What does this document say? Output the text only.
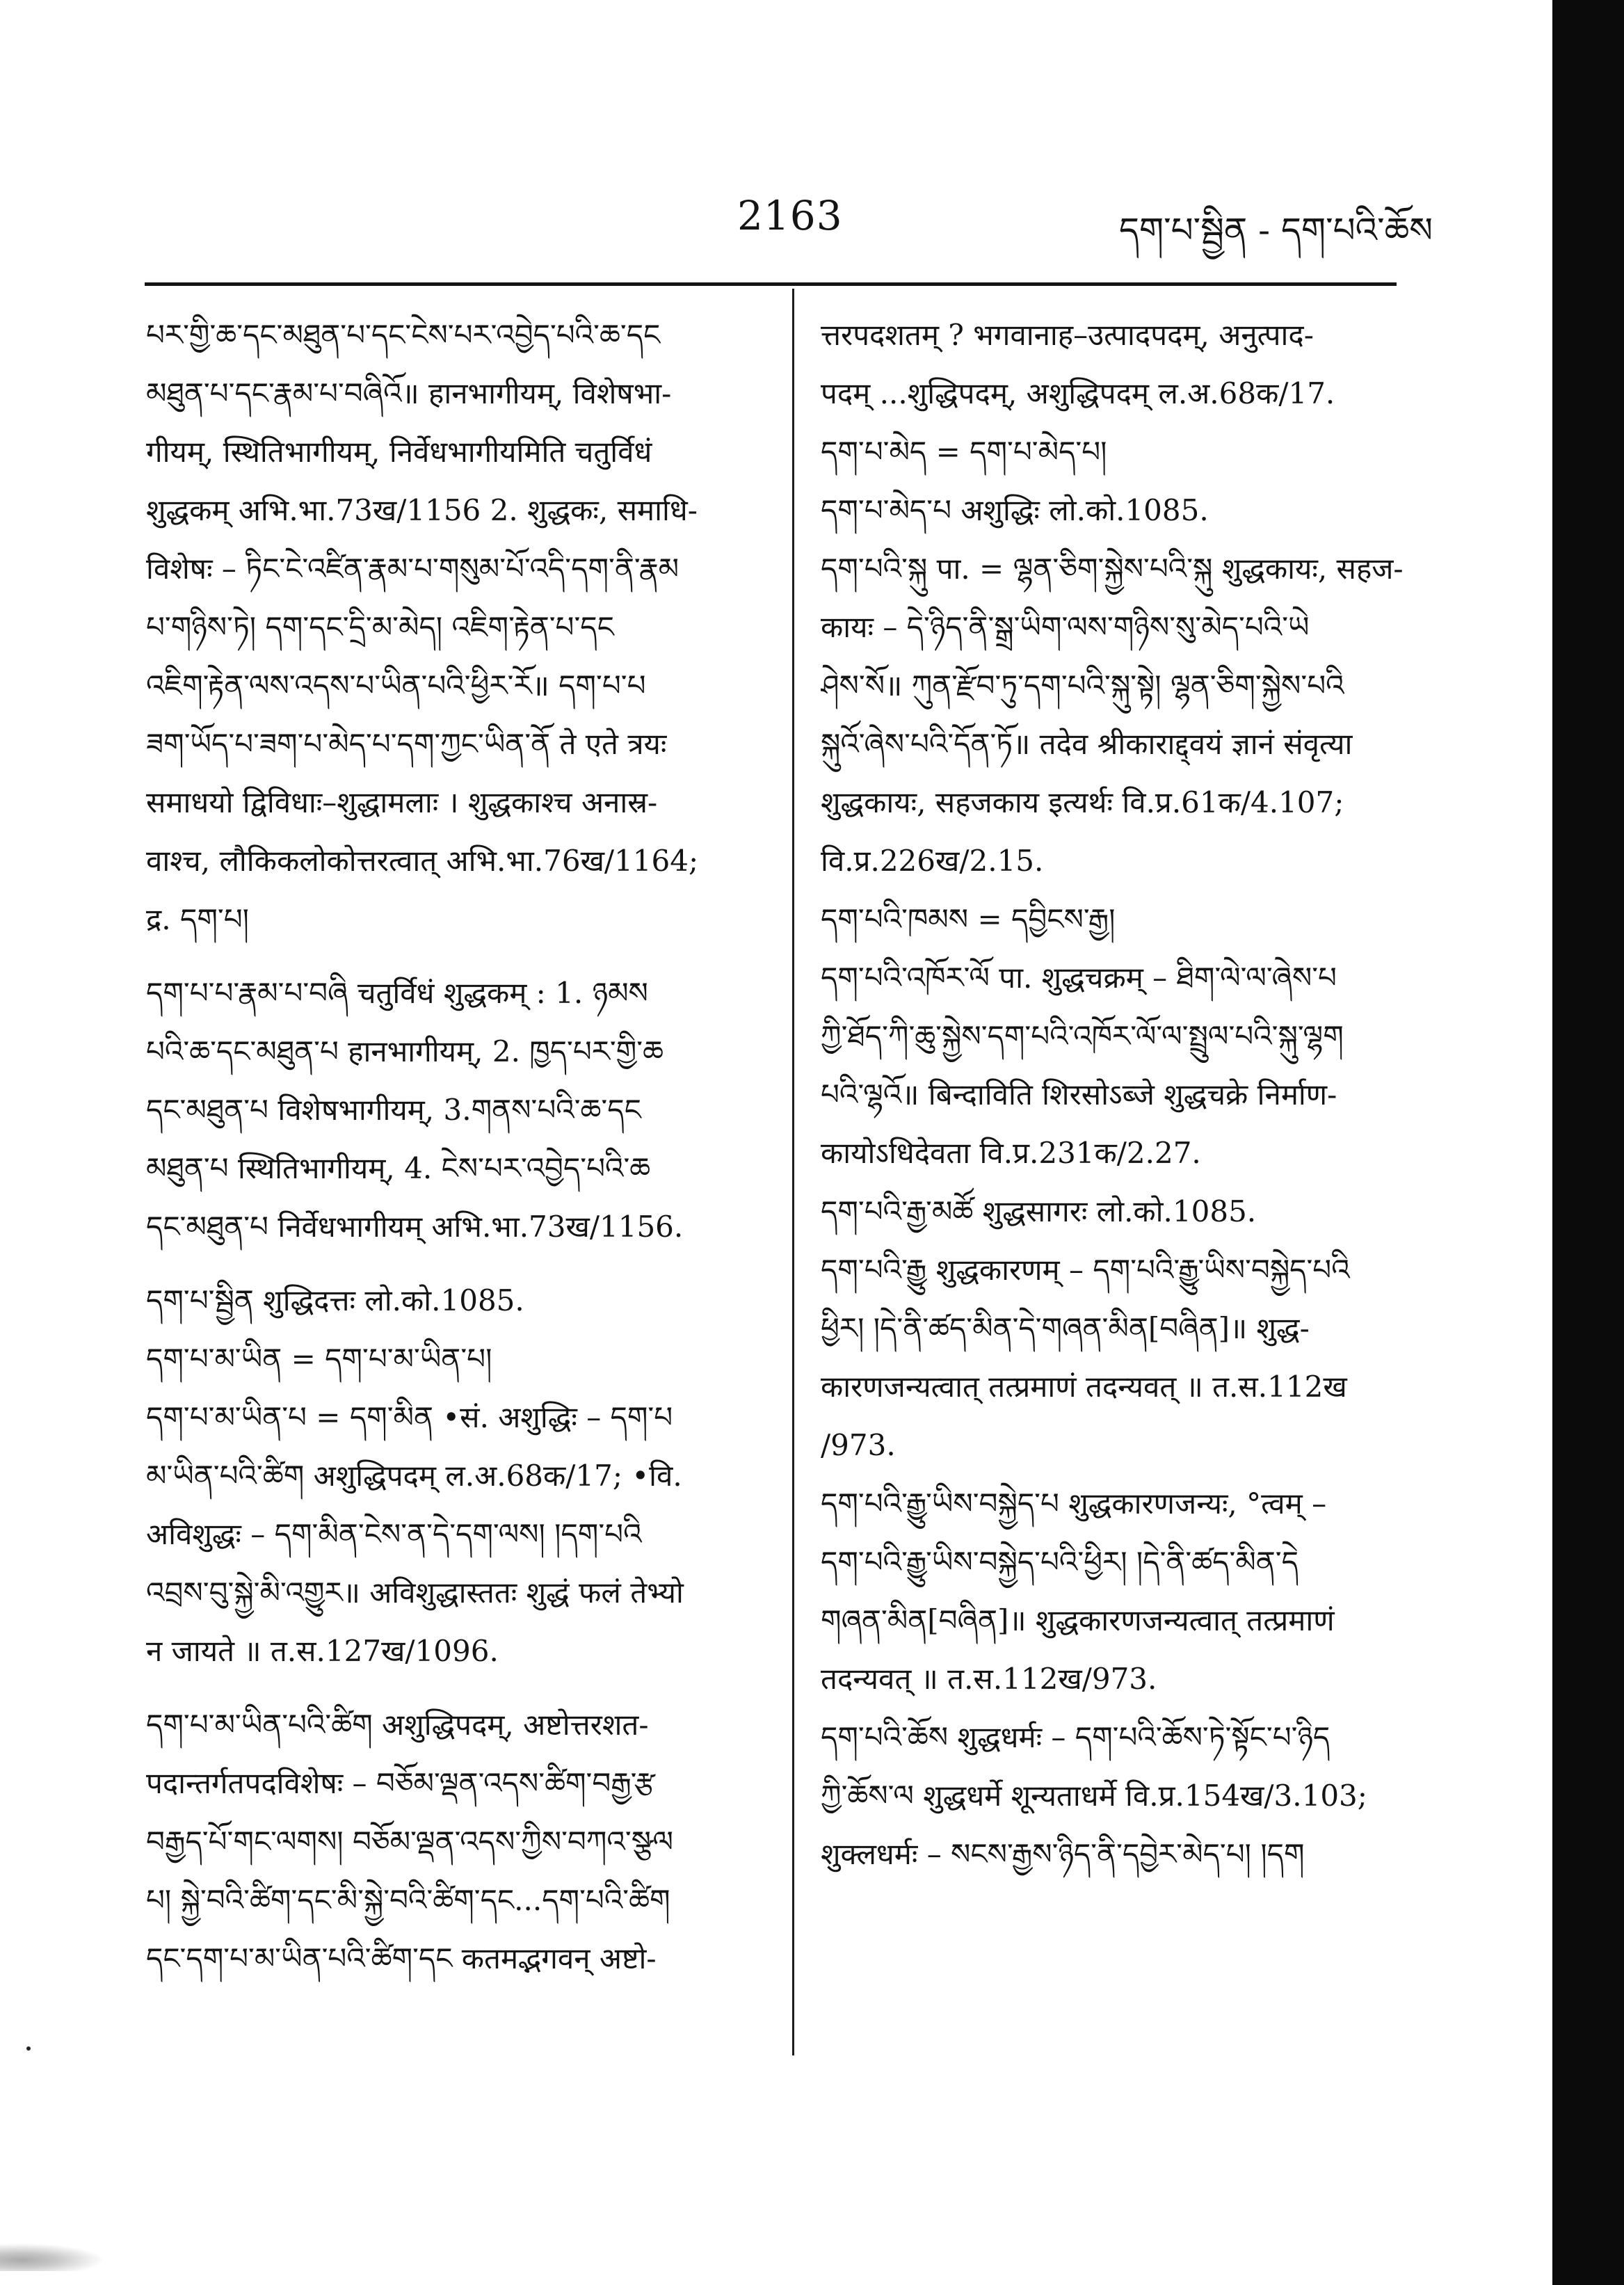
2163	དག་པ་སྦྱིན - དག་པའི་ཆོས
པར་གྱི་ཆ་དང་མཐུན་པ་དང་ངེས་པར་འབྱེད་པའི་ཆ་དང
མཐུན་པ་དང་རྣམ་པ་བཞིའོ॥ हानभागीयम्, विशेषभा-
गीयम्, स्थितिभागीयम्, निर्वेधभागीयमिति चतुर्विधं
शुद्धकम् अभि.भा.73ख/1156 2. शुद्धकः, समाधि-
विशेषः – ཏིང་ངེ་འཛིན་རྣམ་པ་གསུམ་པོ་འདི་དག་ནི་རྣམ
པ་གཉིས་ཏེ། དག་དང་དྲི་མ་མེད། འཇིག་རྟེན་པ་དང
འཇིག་རྟེན་ལས་འདས་པ་ཡིན་པའི་ཕྱིར་རོ॥ དག་པ་པ
ཟག་ཡོད་པ་ཟག་པ་མེད་པ་དག་ཀྱང་ཡིན་ནོ ते एते त्रयः
समाधयो द्विविधाः–शुद्धामलाः । शुद्धकाश्च अनास्र-
वाश्च, लौकिकलोकोत्तरत्वात् अभि.भा.76ख/1164;
द्र. དག་པ།
དག་པ་པ་རྣམ་པ་བཞི चतुर्विधं शुद्धकम् : 1. ཉམས
པའི་ཆ་དང་མཐུན་པ हानभागीयम्, 2. ཁྱད་པར་གྱི་ཆ
དང་མཐུན་པ विशेषभागीयम्, 3.གནས་པའི་ཆ་དང
མཐུན་པ स्थितिभागीयम्, 4. ངེས་པར་འབྱེད་པའི་ཆ
དང་མཐུན་པ निर्वेधभागीयम् अभि.भा.73ख/1156.
དག་པ་སྦྱིན शुद्धिदत्तः लो.को.1085.
དག་པ་མ་ཡིན = དག་པ་མ་ཡིན་པ།
དག་པ་མ་ཡིན་པ = དག་མིན •सं. अशुद्धिः – དག་པ
མ་ཡིན་པའི་ཚིག अशुद्धिपदम् ल.अ.68क/17; •वि.
अविशुद्धः – དག་མིན་ངེས་ན་དེ་དག་ལས། །དག་པའི
འབྲས་བུ་སྐྱེ་མི་འགྱུར॥ अविशुद्धास्ततः शुद्धं फलं तेभ्यो
न जायते ॥ त.स.127ख/1096.
དག་པ་མ་ཡིན་པའི་ཚིག अशुद्धिपदम्, अष्टोत्तरशत-
पदान्तर्गतपदविशेषः – བཅོམ་ལྡན་འདས་ཚིག་བརྒྱ་རྩ
བརྒྱད་པོ་གང་ལགས། བཅོམ་ལྡན་འདས་ཀྱིས་བཀའ་སྩལ
པ། སྐྱེ་བའི་ཚིག་དང་མི་སྐྱེ་བའི་ཚིག་དང...དག་པའི་ཚིག
དང་དག་པ་མ་ཡིན་པའི་ཚིག་དང कतमद्भगवन् अष्टो-
त्तरपदशतम् ? भगवानाह–उत्पादपदम्, अनुत्पाद-
पदम् ...शुद्धिपदम्, अशुद्धिपदम् ल.अ.68क/17.
དག་པ་མེད = དག་པ་མེད་པ།
དག་པ་མེད་པ अशुद्धिः लो.को.1085.
དག་པའི་སྐུ पा. = ལྷན་ཅིག་སྐྱེས་པའི་སྐུ शुद्धकायः, सहज-
कायः – དེ་ཉིད་ནི་སྒྲ་ཡིག་ལས་གཉིས་སུ་མེད་པའི་ཡེ
ཤེས་སོ॥ ཀུན་རྫོབ་ཏུ་དག་པའི་སྐུ་སྟེ། ལྷན་ཅིག་སྐྱེས་པའི
སྐུའོ་ཞེས་པའི་དོན་ཏོ॥ तदेव श्रीकाराद्द्वयं ज्ञानं संवृत्या
शुद्धकायः, सहजकाय इत्यर्थः वि.प्र.61क/4.107;
वि.प्र.226ख/2.15.
དག་པའི་ཁམས = དབྱིངས་རྒྱ།
དག་པའི་འཁོར་ལོ पा. शुद्धचक्रम् – ཐིག་ལེ་ལ་ཞེས་པ
ཀྱི་ཐོད་ཀི་ཆུ་སྐྱེས་དག་པའི་འཁོར་ལོ་ལ་སྤྲུལ་པའི་སྐུ་ལྷག
པའི་ལྷའོ॥ बिन्दाविति शिरसोऽब्जे शुद्धचक्रे निर्माण-
कायोऽधिदेवता वि.प्र.231क/2.27.
དག་པའི་རྒྱ་མཚོ शुद्धसागरः लो.को.1085.
དག་པའི་རྒྱུ शुद्धकारणम् – དག་པའི་རྒྱུ་ཡིས་བསྐྱེད་པའི
ཕྱིར། །དེ་ནི་ཚད་མིན་དེ་གཞན་མིན[བཞིན]॥ शुद्ध-
कारणजन्यत्वात् तत्प्रमाणं तदन्यवत् ॥ त.स.112ख
/973.
དག་པའི་རྒྱུ་ཡིས་བསྐྱེད་པ शुद्धकारणजन्यः, °त्वम् –
དག་པའི་རྒྱུ་ཡིས་བསྐྱེད་པའི་ཕྱིར། །དེ་ནི་ཚད་མིན་དེ
གཞན་མིན[བཞིན]॥ शुद्धकारणजन्यत्वात् तत्प्रमाणं
तदन्यवत् ॥ त.स.112ख/973.
དག་པའི་ཆོས शुद्धधर्मः – དག་པའི་ཆོས་ཏེ་སྟོང་པ་ཉིད
ཀྱི་ཆོས་ལ शुद्धधर्मे शून्यताधर्मे वि.प्र.154ख/3.103;
शुक्लधर्मः – སངས་རྒྱས་ཉིད་ནི་དབྱེར་མེད་པ། །དག
